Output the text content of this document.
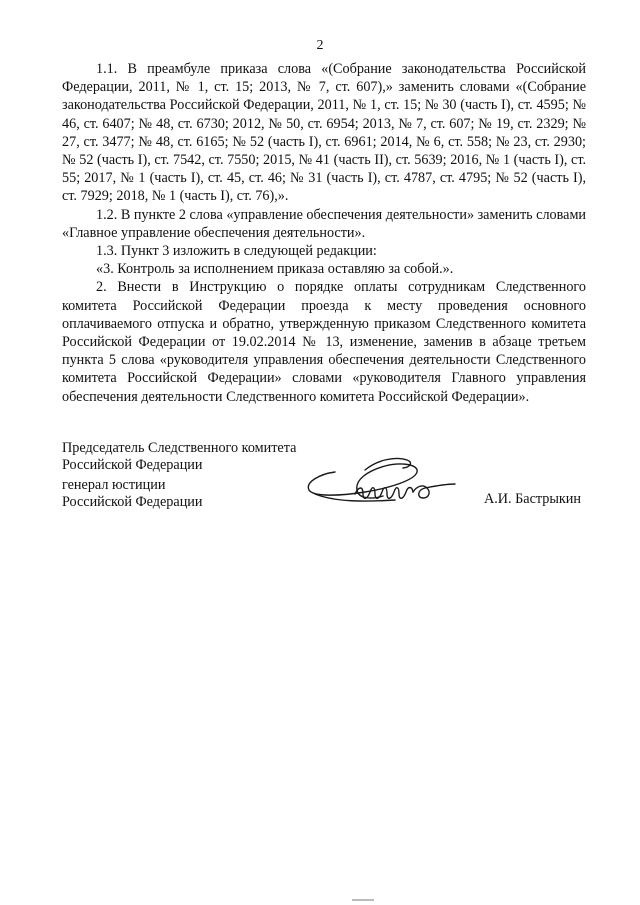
2

1.1. В преамбуле приказа слова «(Собрание законодательства Российской Федерации, 2011, № 1, ст. 15; 2013, № 7, ст. 607),» заменить словами «(Собрание законодательства Российской Федерации, 2011, № 1, ст. 15; № 30 (часть I), ст. 4595; № 46, ст. 6407; № 48, ст. 6730; 2012, № 50, ст. 6954; 2013, № 7, ст. 607; № 19, ст. 2329; № 27, ст. 3477; № 48, ст. 6165; № 52 (часть I), ст. 6961; 2014, № 6, ст. 558; № 23, ст. 2930; № 52 (часть I), ст. 7542, ст. 7550; 2015, № 41 (часть II), ст. 5639; 2016, № 1 (часть I), ст. 55; 2017, № 1 (часть I), ст. 45, ст. 46; № 31 (часть I), ст. 4787, ст. 4795; № 52 (часть I), ст. 7929; 2018, № 1 (часть I), ст. 76),».

1.2. В пункте 2 слова «управление обеспечения деятельности» заменить словами «Главное управление обеспечения деятельности».

1.3. Пункт 3 изложить в следующей редакции:

«3. Контроль за исполнением приказа оставляю за собой.».

2. Внести в Инструкцию о порядке оплаты сотрудникам Следственного комитета Российской Федерации проезда к месту проведения основного оплачиваемого отпуска и обратно, утвержденную приказом Следственного комитета Российской Федерации от 19.02.2014 № 13, изменение, заменив в абзаце третьем пункта 5 слова «руководителя управления обеспечения деятельности Следственного комитета Российской Федерации» словами «руководителя Главного управления обеспечения деятельности Следственного комитета Российской Федерации».

Председатель Следственного комитета
Российской Федерации
генерал юстиции
Российской Федерации	А.И. Бастрыкин
